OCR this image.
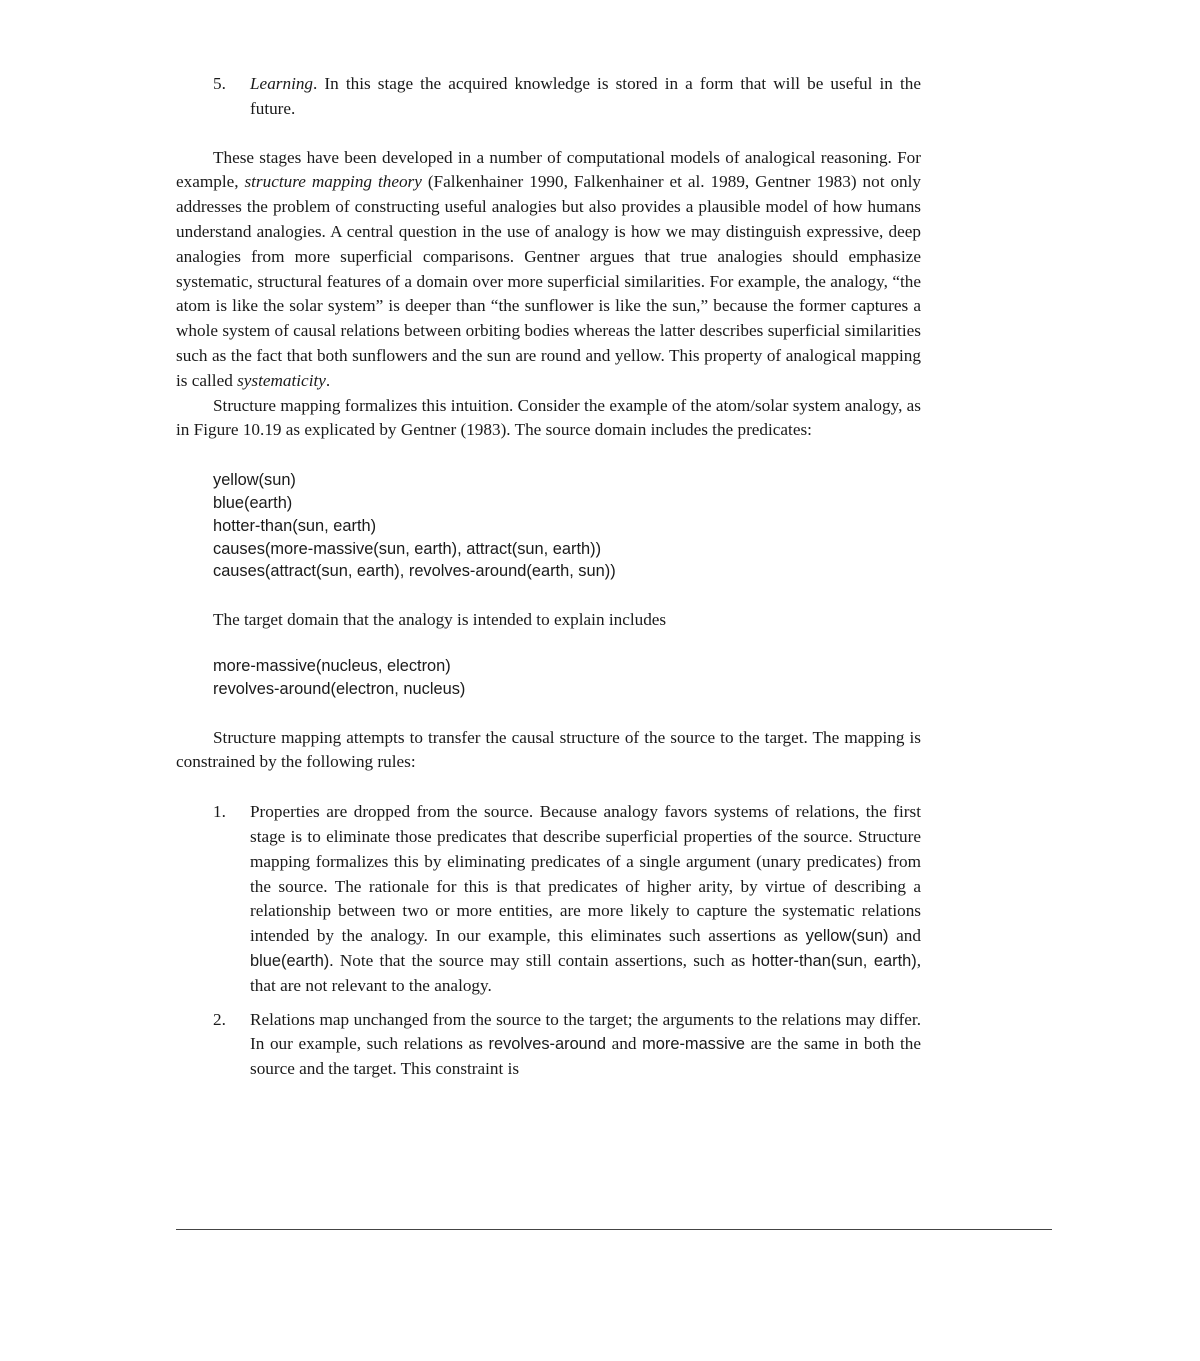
5. Learning. In this stage the acquired knowledge is stored in a form that will be useful in the future.

These stages have been developed in a number of computational models of analogical reasoning. For example, structure mapping theory (Falkenhainer 1990, Falkenhainer et al. 1989, Gentner 1983) not only addresses the problem of constructing useful analogies but also provides a plausible model of how humans understand analogies. A central question in the use of analogy is how we may distinguish expressive, deep analogies from more superficial comparisons. Gentner argues that true analogies should emphasize systematic, structural features of a domain over more superficial similarities. For example, the analogy, “the atom is like the solar system” is deeper than “the sunflower is like the sun,” because the former captures a whole system of causal relations between orbiting bodies whereas the latter describes superficial similarities such as the fact that both sunflowers and the sun are round and yellow. This property of analogical mapping is called systematicity.

Structure mapping formalizes this intuition. Consider the example of the atom/solar system analogy, as in Figure 10.19 as explicated by Gentner (1983). The source domain includes the predicates:

yellow(sun)
blue(earth)
hotter-than(sun, earth)
causes(more-massive(sun, earth), attract(sun, earth))
causes(attract(sun, earth), revolves-around(earth, sun))

The target domain that the analogy is intended to explain includes

more-massive(nucleus, electron)
revolves-around(electron, nucleus)

Structure mapping attempts to transfer the causal structure of the source to the target. The mapping is constrained by the following rules:

1. Properties are dropped from the source. Because analogy favors systems of relations, the first stage is to eliminate those predicates that describe superficial properties of the source. Structure mapping formalizes this by eliminating predicates of a single argument (unary predicates) from the source. The rationale for this is that predicates of higher arity, by virtue of describing a relationship between two or more entities, are more likely to capture the systematic relations intended by the analogy. In our example, this eliminates such assertions as yellow(sun) and blue(earth). Note that the source may still contain assertions, such as hotter-than(sun, earth), that are not relevant to the analogy.

2. Relations map unchanged from the source to the target; the arguments to the relations may differ. In our example, such relations as revolves-around and more-massive are the same in both the source and the target. This constraint is
